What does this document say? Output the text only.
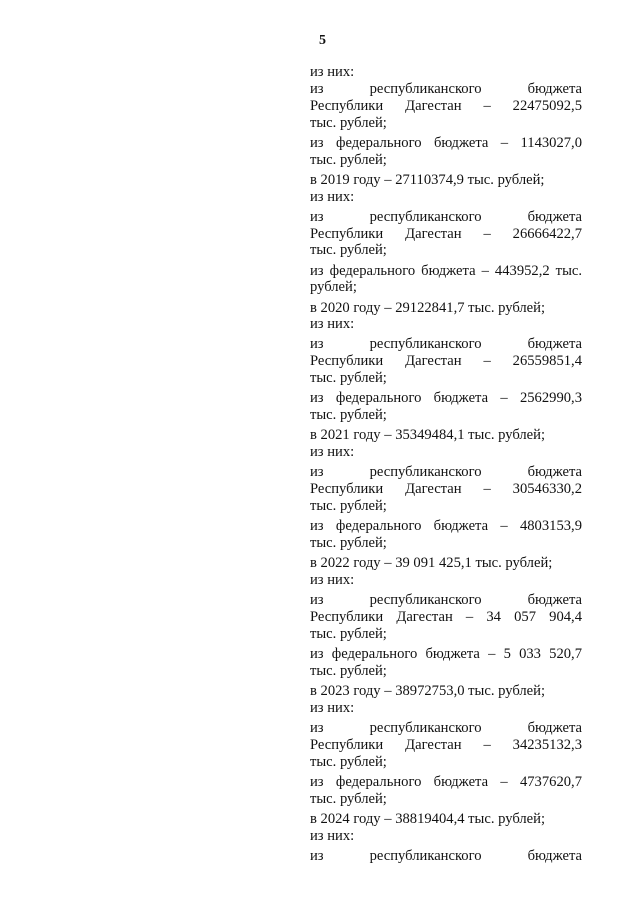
5
из них:
из республиканского бюджета
Республики Дагестан – 22475092,5
тыс. рублей;
из федерального бюджета – 1143027,0
тыс. рублей;
в 2019 году – 27110374,9 тыс. рублей;
из них:
из республиканского бюджета
Республики Дагестан – 26666422,7
тыс. рублей;
из федерального бюджета – 443952,2 тыс.
рублей;
в 2020 году – 29122841,7 тыс. рублей;
из них:
из республиканского бюджета
Республики Дагестан – 26559851,4
тыс. рублей;
из федерального бюджета – 2562990,3
тыс. рублей;
в 2021 году – 35349484,1 тыс. рублей;
из них:
из республиканского бюджета
Республики Дагестан – 30546330,2
тыс. рублей;
из федерального бюджета – 4803153,9
тыс. рублей;
в 2022 году – 39 091 425,1 тыс. рублей;
из них:
из республиканского бюджета
Республики Дагестан – 34 057 904,4
тыс. рублей;
из федерального бюджета – 5 033 520,7
тыс. рублей;
в 2023 году – 38972753,0 тыс. рублей;
из них:
из республиканского бюджета
Республики Дагестан – 34235132,3
тыс. рублей;
из федерального бюджета – 4737620,7
тыс. рублей;
в 2024 году – 38819404,4 тыс. рублей;
из них:
из республиканского бюджета
